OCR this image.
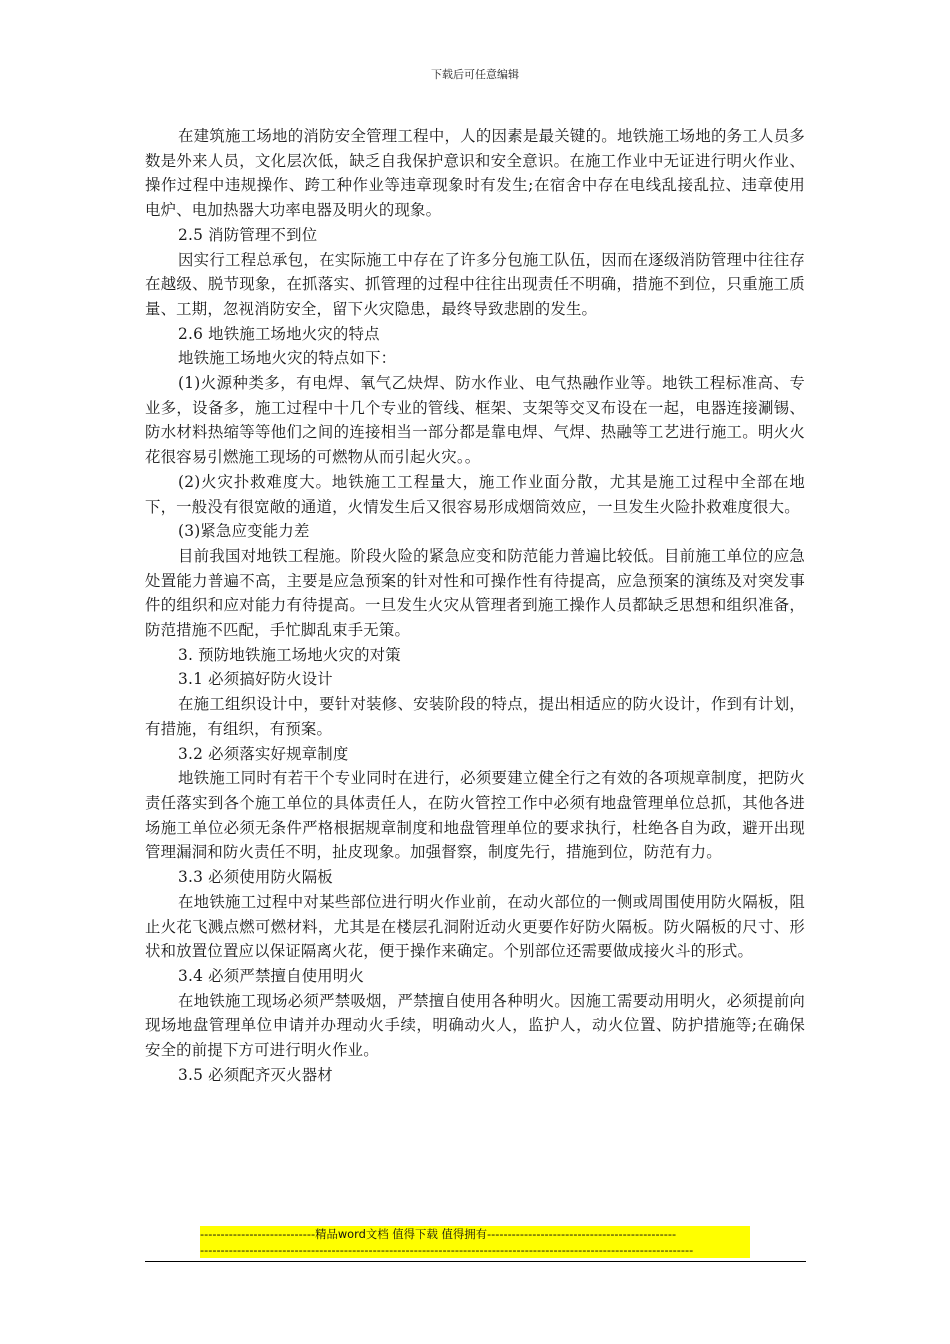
下载后可任意编辑

在建筑施工场地的消防安全管理工程中，人的因素是最关键的。地铁施工场地的务工人员多数是外来人员，文化层次低，缺乏自我保护意识和安全意识。在施工作业中无证进行明火作业、操作过程中违规操作、跨工种作业等违章现象时有发生;在宿舍中存在电线乱接乱拉、违章使用电炉、电加热器大功率电器及明火的现象。

2.5 消防管理不到位

因实行工程总承包，在实际施工中存在了许多分包施工队伍，因而在逐级消防管理中往往存在越级、脱节现象，在抓落实、抓管理的过程中往往出现责任不明确，措施不到位，只重施工质量、工期，忽视消防安全，留下火灾隐患，最终导致悲剧的发生。

2.6 地铁施工场地火灾的特点

地铁施工场地火灾的特点如下：

(1)火源种类多，有电焊、氧气乙炔焊、防水作业、电气热融作业等。地铁工程标准高、专业多，设备多，施工过程中十几个专业的管线、框架、支架等交叉布设在一起，电器连接涮锡、防水材料热缩等等他们之间的连接相当一部分都是靠电焊、气焊、热融等工艺进行施工。明火火花很容易引燃施工现场的可燃物从而引起火灾。。

(2)火灾扑救难度大。地铁施工工程量大，施工作业面分散，尤其是施工过程中全部在地下，一般没有很宽敞的通道，火情发生后又很容易形成烟筒效应，一旦发生火险扑救难度很大。

(3)紧急应变能力差

目前我国对地铁工程施。阶段火险的紧急应变和防范能力普遍比较低。目前施工单位的应急处置能力普遍不高，主要是应急预案的针对性和可操作性有待提高，应急预案的演练及对突发事件的组织和应对能力有待提高。一旦发生火灾从管理者到施工操作人员都缺乏思想和组织准备，防范措施不匹配，手忙脚乱束手无策。

3. 预防地铁施工场地火灾的对策

3.1 必须搞好防火设计

在施工组织设计中，要针对装修、安装阶段的特点，提出相适应的防火设计，作到有计划，有措施，有组织，有预案。

3.2 必须落实好规章制度

地铁施工同时有若干个专业同时在进行，必须要建立健全行之有效的各项规章制度，把防火责任落实到各个施工单位的具体责任人，在防火管控工作中必须有地盘管理单位总抓，其他各进场施工单位必须无条件严格根据规章制度和地盘管理单位的要求执行，杜绝各自为政，避开出现管理漏洞和防火责任不明，扯皮现象。加强督察，制度先行，措施到位，防范有力。

3.3 必须使用防火隔板

在地铁施工过程中对某些部位进行明火作业前，在动火部位的一侧或周围使用防火隔板，阻止火花飞溅点燃可燃材料，尤其是在楼层孔洞附近动火更要作好防火隔板。防火隔板的尺寸、形状和放置位置应以保证隔离火花，便于操作来确定。个别部位还需要做成接火斗的形式。

3.4 必须严禁擅自使用明火

在地铁施工现场必须严禁吸烟，严禁擅自使用各种明火。因施工需要动用明火，必须提前向现场地盘管理单位申请并办理动火手续，明确动火人，监护人，动火位置、防护措施等;在确保安全的前提下方可进行明火作业。

3.5 必须配齐灭火器材

----------------------------精品word文档 值得下载 值得拥有----------------------------------------------
------------------------------------------------------------------------------------------------------------------------
